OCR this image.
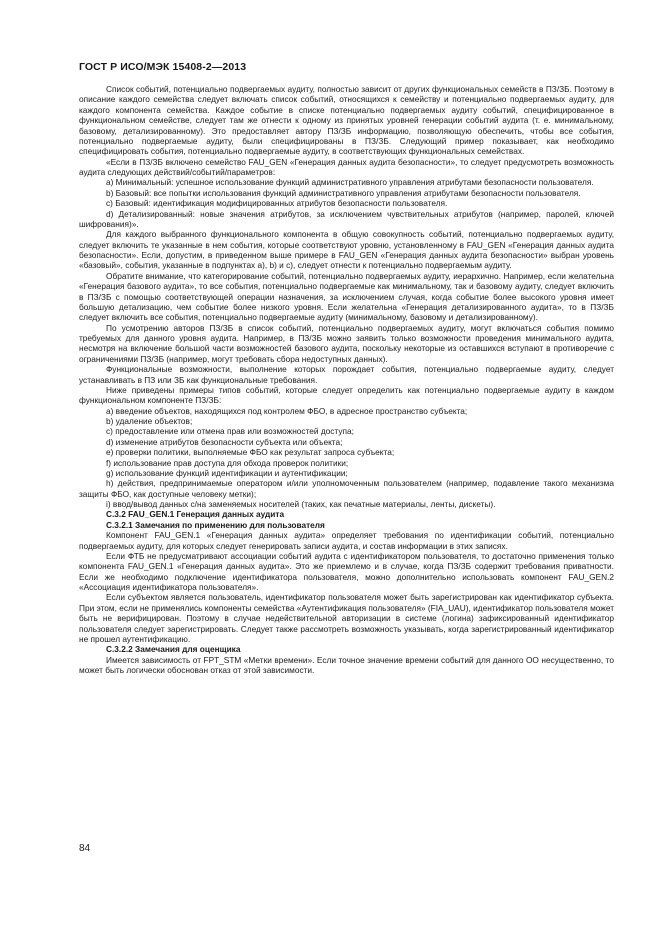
ГОСТ Р ИСО/МЭК 15408-2—2013

Список событий, потенциально подвергаемых аудиту, полностью зависит от других функциональных семейств в ПЗ/ЗБ. Поэтому в описание каждого семейства следует включать список событий, относящихся к семейству и потенциально подвергаемых аудиту, для каждого компонента семейства. Каждое событие в списке потенциально подвергаемых аудиту событий, специфицированное в функциональном семействе, следует там же отнести к одному из принятых уровней генерации событий аудита (т. е. минимальному, базовому, детализированному). Это предоставляет автору ПЗ/ЗБ информацию, позволяющую обеспечить, чтобы все события, потенциально подвергаемые аудиту, были специфицированы в ПЗ/ЗБ. Следующий пример показывает, как необходимо специфицировать события, потенциально подвергаемые аудиту, в соответствующих функциональных семействах.

«Если в ПЗ/ЗБ включено семейство FAU_GEN «Генерация данных аудита безопасности», то следует предусмотреть возможность аудита следующих действий/событий/параметров:

a) Минимальный: успешное использование функций административного управления атрибутами безопасности пользователя.

b) Базовый: все попытки использования функций административного управления атрибутами безопасности пользователя.

c) Базовый: идентификация модифицированных атрибутов безопасности пользователя.

d) Детализированный: новые значения атрибутов, за исключением чувствительных атрибутов (например, паролей, ключей шифрования)».

Для каждого выбранного функционального компонента в общую совокупность событий, потенциально подвергаемых аудиту, следует включить те указанные в нем события, которые соответствуют уровню, установленному в FAU_GEN «Генерация данных аудита безопасности». Если, допустим, в приведенном выше примере в FAU_GEN «Генерация данных аудита безопасности» выбран уровень «базовый», события, указанные в подпунктах a), b) и c), следует отнести к потенциально подвергаемым аудиту.

Обратите внимание, что категорирование событий, потенциально подвергаемых аудиту, иерархично. Например, если желательна «Генерация базового аудита», то все события, потенциально подвергаемые как минимальному, так и базовому аудиту, следует включить в ПЗ/ЗБ с помощью соответствующей операции назначения, за исключением случая, когда событие более высокого уровня имеет большую детализацию, чем событие более низкого уровня. Если желательна «Генерация детализированного аудита», то в ПЗ/ЗБ следует включить все события, потенциально подвергаемые аудиту (минимальному, базовому и детализированному).

По усмотрению авторов ПЗ/ЗБ в список событий, потенциально подвергаемых аудиту, могут включаться события помимо требуемых для данного уровня аудита. Например, в ПЗ/ЗБ можно заявить только возможности проведения минимального аудита, несмотря на включение большой части возможностей базового аудита, поскольку некоторые из оставшихся вступают в противоречие с ограничениями ПЗ/ЗБ (например, могут требовать сбора недоступных данных).

Функциональные возможности, выполнение которых порождает события, потенциально подвергаемые аудиту, следует устанавливать в ПЗ или ЗБ как функциональные требования.

Ниже приведены примеры типов событий, которые следует определить как потенциально подвергаемые аудиту в каждом функциональном компоненте ПЗ/ЗБ:

a) введение объектов, находящихся под контролем ФБО, в адресное пространство субъекта;

b) удаление объектов;

c) предоставление или отмена прав или возможностей доступа;

d) изменение атрибутов безопасности субъекта или объекта;

e) проверки политики, выполняемые ФБО как результат запроса субъекта;

f) использование прав доступа для обхода проверок политики;

g) использование функций идентификации и аутентификации;

h) действия, предпринимаемые оператором и/или уполномоченным пользователем (например, подавление такого механизма защиты ФБО, как доступные человеку метки);

i) ввод/вывод данных с/на заменяемых носителей (таких, как печатные материалы, ленты, дискеты).

C.3.2 FAU_GEN.1 Генерация данных аудита

C.3.2.1 Замечания по применению для пользователя

Компонент FAU_GEN.1 «Генерация данных аудита» определяет требования по идентификации событий, потенциально подвергаемых аудиту, для которых следует генерировать записи аудита, и состав информации в этих записях.

Если ФТБ не предусматривают ассоциации событий аудита с идентификатором пользователя, то достаточно применения только компонента FAU_GEN.1 «Генерация данных аудита». Это же приемлемо и в случае, когда ПЗ/ЗБ содержит требования приватности. Если же необходимо подключение идентификатора пользователя, можно дополнительно использовать компонент FAU_GEN.2 «Ассоциация идентификатора пользователя».

Если субъектом является пользователь, идентификатор пользователя может быть зарегистрирован как идентификатор субъекта. При этом, если не применялись компоненты семейства «Аутентификация пользователя» (FIA_UAU), идентификатор пользователя может быть не верифицирован. Поэтому в случае недействительной авторизации в системе (логина) зафиксированный идентификатор пользователя следует зарегистрировать. Следует также рассмотреть возможность указывать, когда зарегистрированный идентификатор не прошел аутентификацию.

C.3.2.2 Замечания для оценщика

Имеется зависимость от FPT_STM «Метки времени». Если точное значение времени событий для данного ОО несущественно, то может быть логически обоснован отказ от этой зависимости.

84
